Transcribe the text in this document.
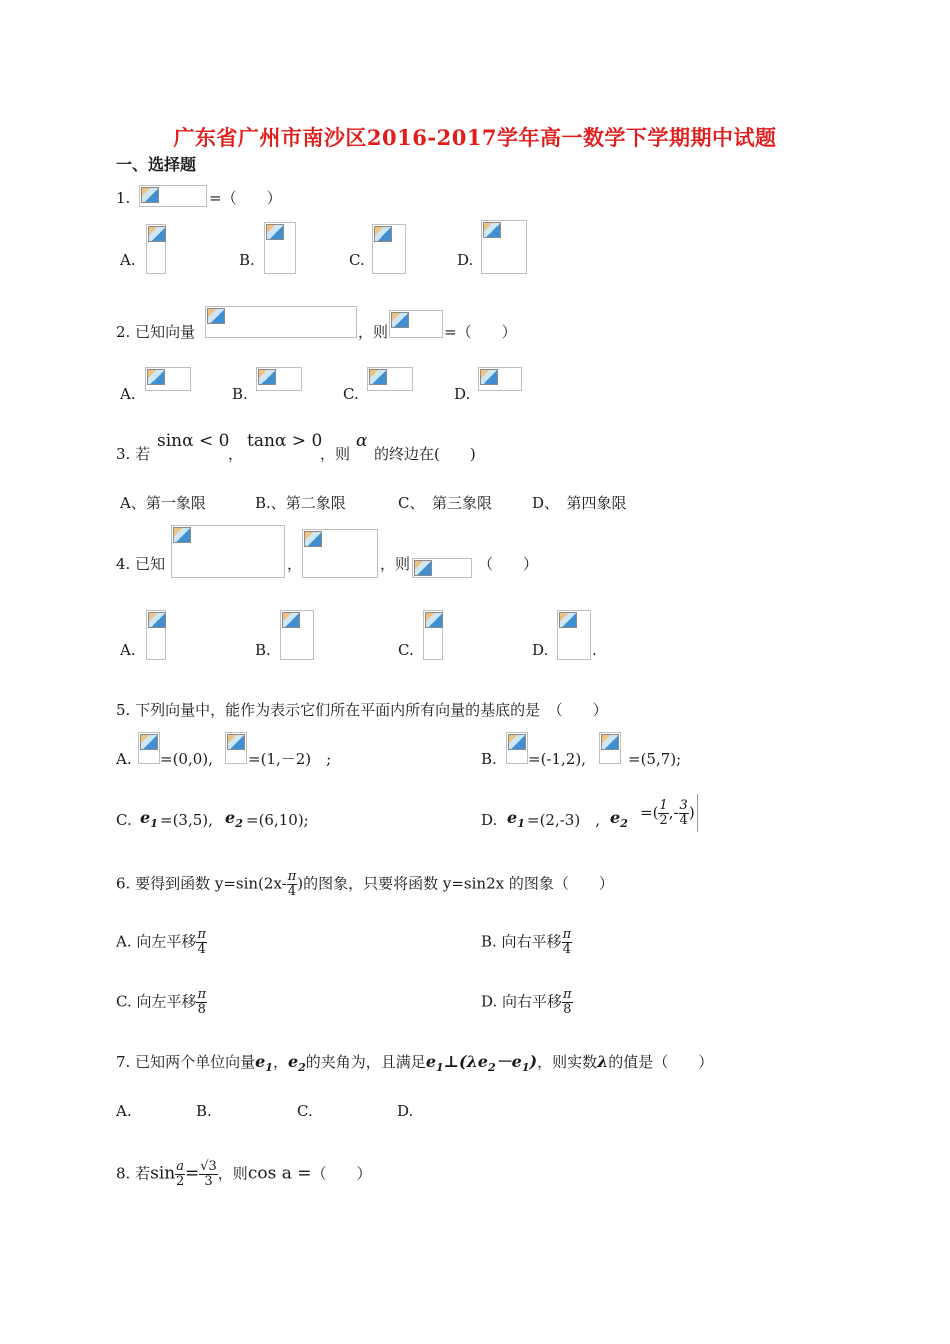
广东省广州市南沙区2016-2017学年高一数学下学期期中试题
一、选择题
1.	=（　　）
A.	B.	C.	D.
2. 已知向量	，则	=（　　）
A.	B.	C.	D.
3. 若
sinα < 0
，
tanα > 0
，则
α
的终边在(　　)
A、第一象限	B.、第二象限	C、　第三象限	D、　第四象限
4. 已知	，	，则	（　　）
A.	B.	C.	D.	.
5. 下列向量中，能作为表示它们所在平面内所有向量的基底的是　（　　）
A. =(0,0), =(1,－2)　;	B. =(-1,2),	=(5,7);
C. $e_1 =(3,5)$, $e_2 =(6,10)$;	D. $e_1 =(2,-3)$　, $e_2$
=( $\frac{1}{2}$ ,- $\frac{3}{4}$ )
6. 要得到函数 $y=\sin(2x- \frac{\pi}{4}$ )的图象，只要将函数 y=sin2x 的图象（　　）
A. 向左平移 $\frac{\pi}{4}$	B. 向右平移 $\frac{\pi}{4}$
C. 向左平移 $\frac{\pi}{8}$	D. 向右平移 $\frac{\pi}{8}$
7. 已知两个单位向量$e_1$，$e_2$的夹角为，且满足$e_1\perp(\lambda e_2-e_1)$，则实数λ的值是（　　）
A.	B.	C.	D.
8. 若$\sin \frac{a}{2} = \frac{√3}{3}$ ，则cos a =（　　）
